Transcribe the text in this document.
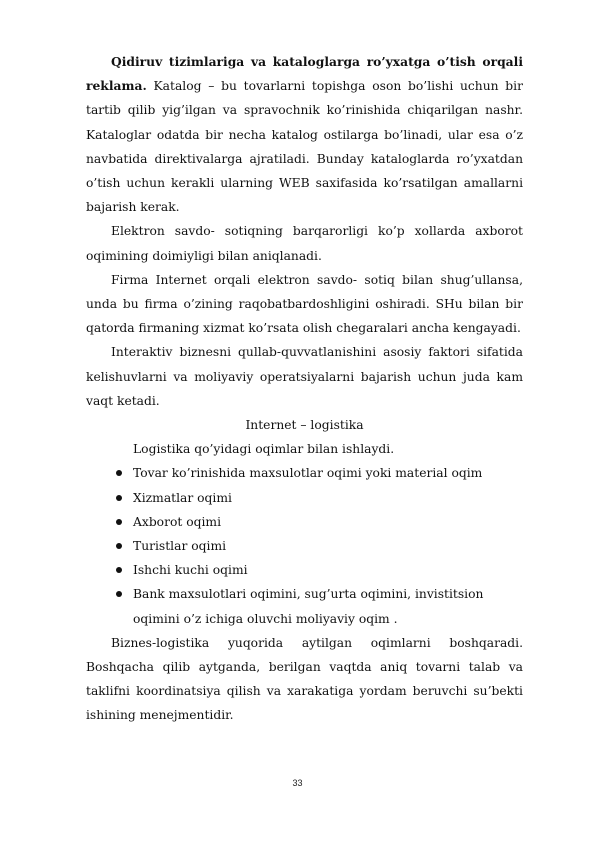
Qidiruv tizimlariga va kataloglarga ro’yxatga o’tish orqali reklama. Katalog – bu tovarlarni topishga oson bo’lishi uchun bir tartib qilib yig’ilgan va spravochnik ko’rinishida chiqarilgan nashr. Kataloglar odatda bir necha katalog ostilarga bo’linadi, ular esa o’z navbatida direktivalarga ajratiladi. Bunday kataloglarda ro’yxatdan o’tish uchun kerakli ularning WEB saxifasida ko’rsatilgan amallarni bajarish kerak.

Elektron savdo- sotiqning barqarorligi ko’p xollarda axborot oqimining doimiyligi bilan aniqlanadi.

Firma Internet orqali elektron savdo- sotiq bilan shug’ullansa, unda bu firma o’zining raqobatbardoshligini oshiradi. SHu bilan bir qatorda firmaning xizmat ko’rsata olish chegaralari ancha kengayadi.

Interaktiv biznesni qullab-quvvatlanishini asosiy faktori sifatida kelishuvlarni va moliyaviy operatsiyalarni bajarish uchun juda kam vaqt ketadi.

Internet – logistika

Logistika qo’yidagi oqimlar bilan ishlaydi.

Tovar ko’rinishida maxsulotlar oqimi yoki material oqim
Xizmatlar oqimi
Axborot oqimi
Turistlar oqimi
Ishchi kuchi oqimi
Bank maxsulotlari oqimini, sug’urta oqimini, invistitsion

oqimini o’z ichiga oluvchi moliyaviy oqim .

Biznes-logistika yuqorida aytilgan oqimlarni boshqaradi. Boshqacha qilib aytganda, berilgan vaqtda aniq tovarni talab va taklifni koordinatsiya qilish va xarakatiga yordam beruvchi su’bekti ishining menejmentidir.

33
